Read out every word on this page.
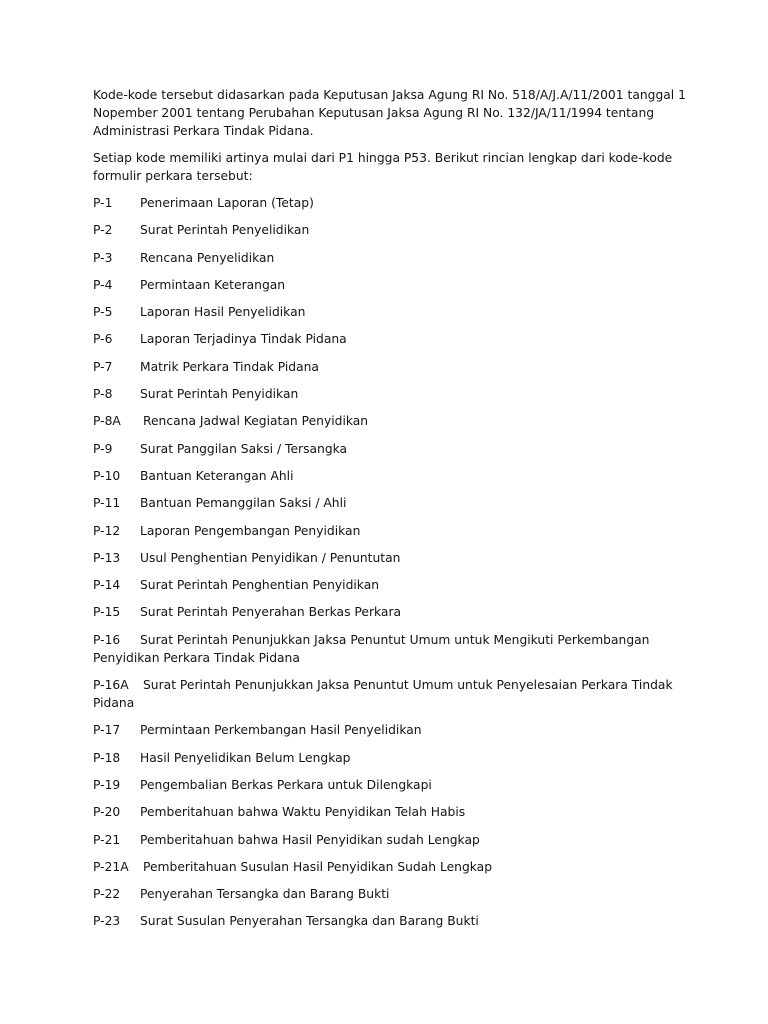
Kode-kode tersebut didasarkan pada Keputusan Jaksa Agung RI No. 518/A/J.A/11/2001 tanggal 1 Nopember 2001 tentang Perubahan Keputusan Jaksa Agung RI No. 132/JA/11/1994 tentang Administrasi Perkara Tindak Pidana.

Setiap kode memiliki artinya mulai dari P1 hingga P53. Berikut rincian lengkap dari kode-kode formulir perkara tersebut:

P-1 Penerimaan Laporan (Tetap)
P-2 Surat Perintah Penyelidikan
P-3 Rencana Penyelidikan
P-4 Permintaan Keterangan
P-5 Laporan Hasil Penyelidikan
P-6 Laporan Terjadinya Tindak Pidana
P-7 Matrik Perkara Tindak Pidana
P-8 Surat Perintah Penyidikan
P-8A Rencana Jadwal Kegiatan Penyidikan
P-9 Surat Panggilan Saksi / Tersangka
P-10 Bantuan Keterangan Ahli
P-11 Bantuan Pemanggilan Saksi / Ahli
P-12 Laporan Pengembangan Penyidikan
P-13 Usul Penghentian Penyidikan / Penuntutan
P-14 Surat Perintah Penghentian Penyidikan
P-15 Surat Perintah Penyerahan Berkas Perkara
P-16 Surat Perintah Penunjukkan Jaksa Penuntut Umum untuk Mengikuti Perkembangan Penyidikan Perkara Tindak Pidana
P-16A Surat Perintah Penunjukkan Jaksa Penuntut Umum untuk Penyelesaian Perkara Tindak Pidana
P-17 Permintaan Perkembangan Hasil Penyelidikan
P-18 Hasil Penyelidikan Belum Lengkap
P-19 Pengembalian Berkas Perkara untuk Dilengkapi
P-20 Pemberitahuan bahwa Waktu Penyidikan Telah Habis
P-21 Pemberitahuan bahwa Hasil Penyidikan sudah Lengkap
P-21A Pemberitahuan Susulan Hasil Penyidikan Sudah Lengkap
P-22 Penyerahan Tersangka dan Barang Bukti
P-23 Surat Susulan Penyerahan Tersangka dan Barang Bukti
